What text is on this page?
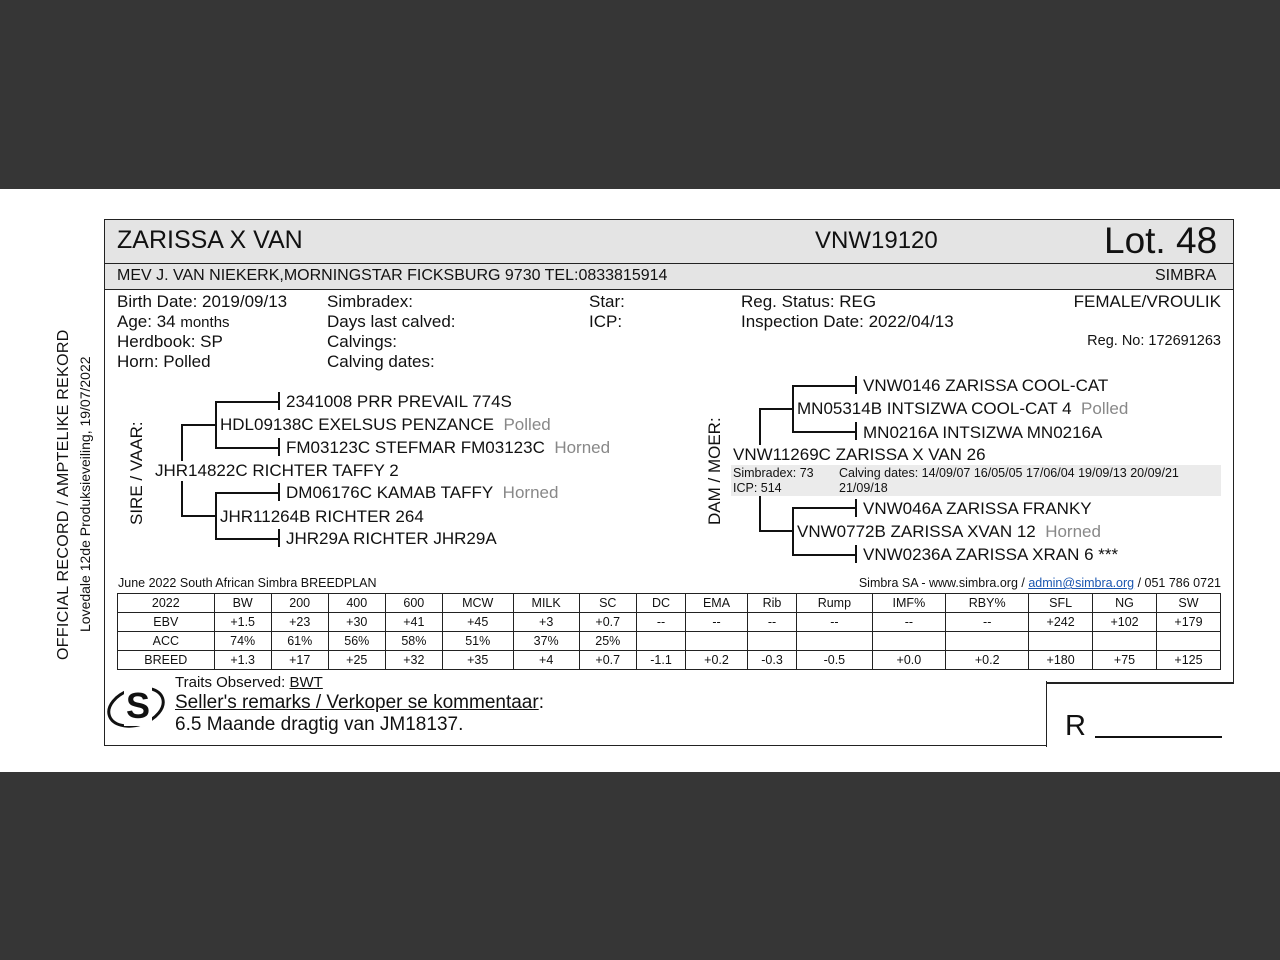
OFFICIAL RECORD / AMPTELIKE REKORD Lovedale 12de Produksieveiling, 19/07/2022
ZARISSA X VAN	VNW19120	Lot. 48
MEV J. VAN NIEKERK,MORNINGSTAR FICKSBURG 9730 TEL:0833815914	SIMBRA
Birth Date: 2019/09/13
Age: 34 months
Herdbook: SP
Horn: Polled
Simbradex:
Days last calved:
Calvings:
Calving dates:
Star:
ICP:
Reg. Status: REG
Inspection Date: 2022/04/13
FEMALE/VROULIK
Reg. No: 172691263
SIRE / VAAR:
2341008 PRR PREVAIL 774S
HDL09138C EXELSUS PENZANCE Polled
FM03123C STEFMAR FM03123C Horned
JHR14822C RICHTER TAFFY 2
DM06176C KAMAB TAFFY Horned
JHR11264B RICHTER 264
JHR29A RICHTER JHR29A
DAM / MOER:
VNW0146 ZARISSA COOL-CAT
MN05314B INTSIZWA COOL-CAT 4 Polled
MN0216A INTSIZWA MN0216A
VNW11269C ZARISSA X VAN 26
Simbradex: 73
ICP: 514
Calving dates: 14/09/07 16/05/05 17/06/04 19/09/13 20/09/21
21/09/18
VNW046A ZARISSA FRANKY
VNW0772B ZARISSA XVAN 12 Horned
VNW0236A ZARISSA XRAN 6 ***
June 2022 South African Simbra BREEDPLAN	Simbra SA - www.simbra.org / admin@simbra.org / 051 786 0721
2022	BW	200	400	600	MCW	MILK	SC	DC	EMA	Rib	Rump	IMF%	RBY%	SFL	NG	SW
EBV	+1.5	+23	+30	+41	+45	+3	+0.7	--	--	--	--	--	--	+242	+102	+179
ACC	74%	61%	56%	58%	51%	37%	25%									
BREED	+1.3	+17	+25	+32	+35	+4	+0.7	-1.1	+0.2	-0.3	-0.5	+0.0	+0.2	+180	+75	+125
S
Traits Observed: BWT
Seller's remarks / Verkoper se kommentaar:
6.5 Maande dragtig van JM18137.	R
